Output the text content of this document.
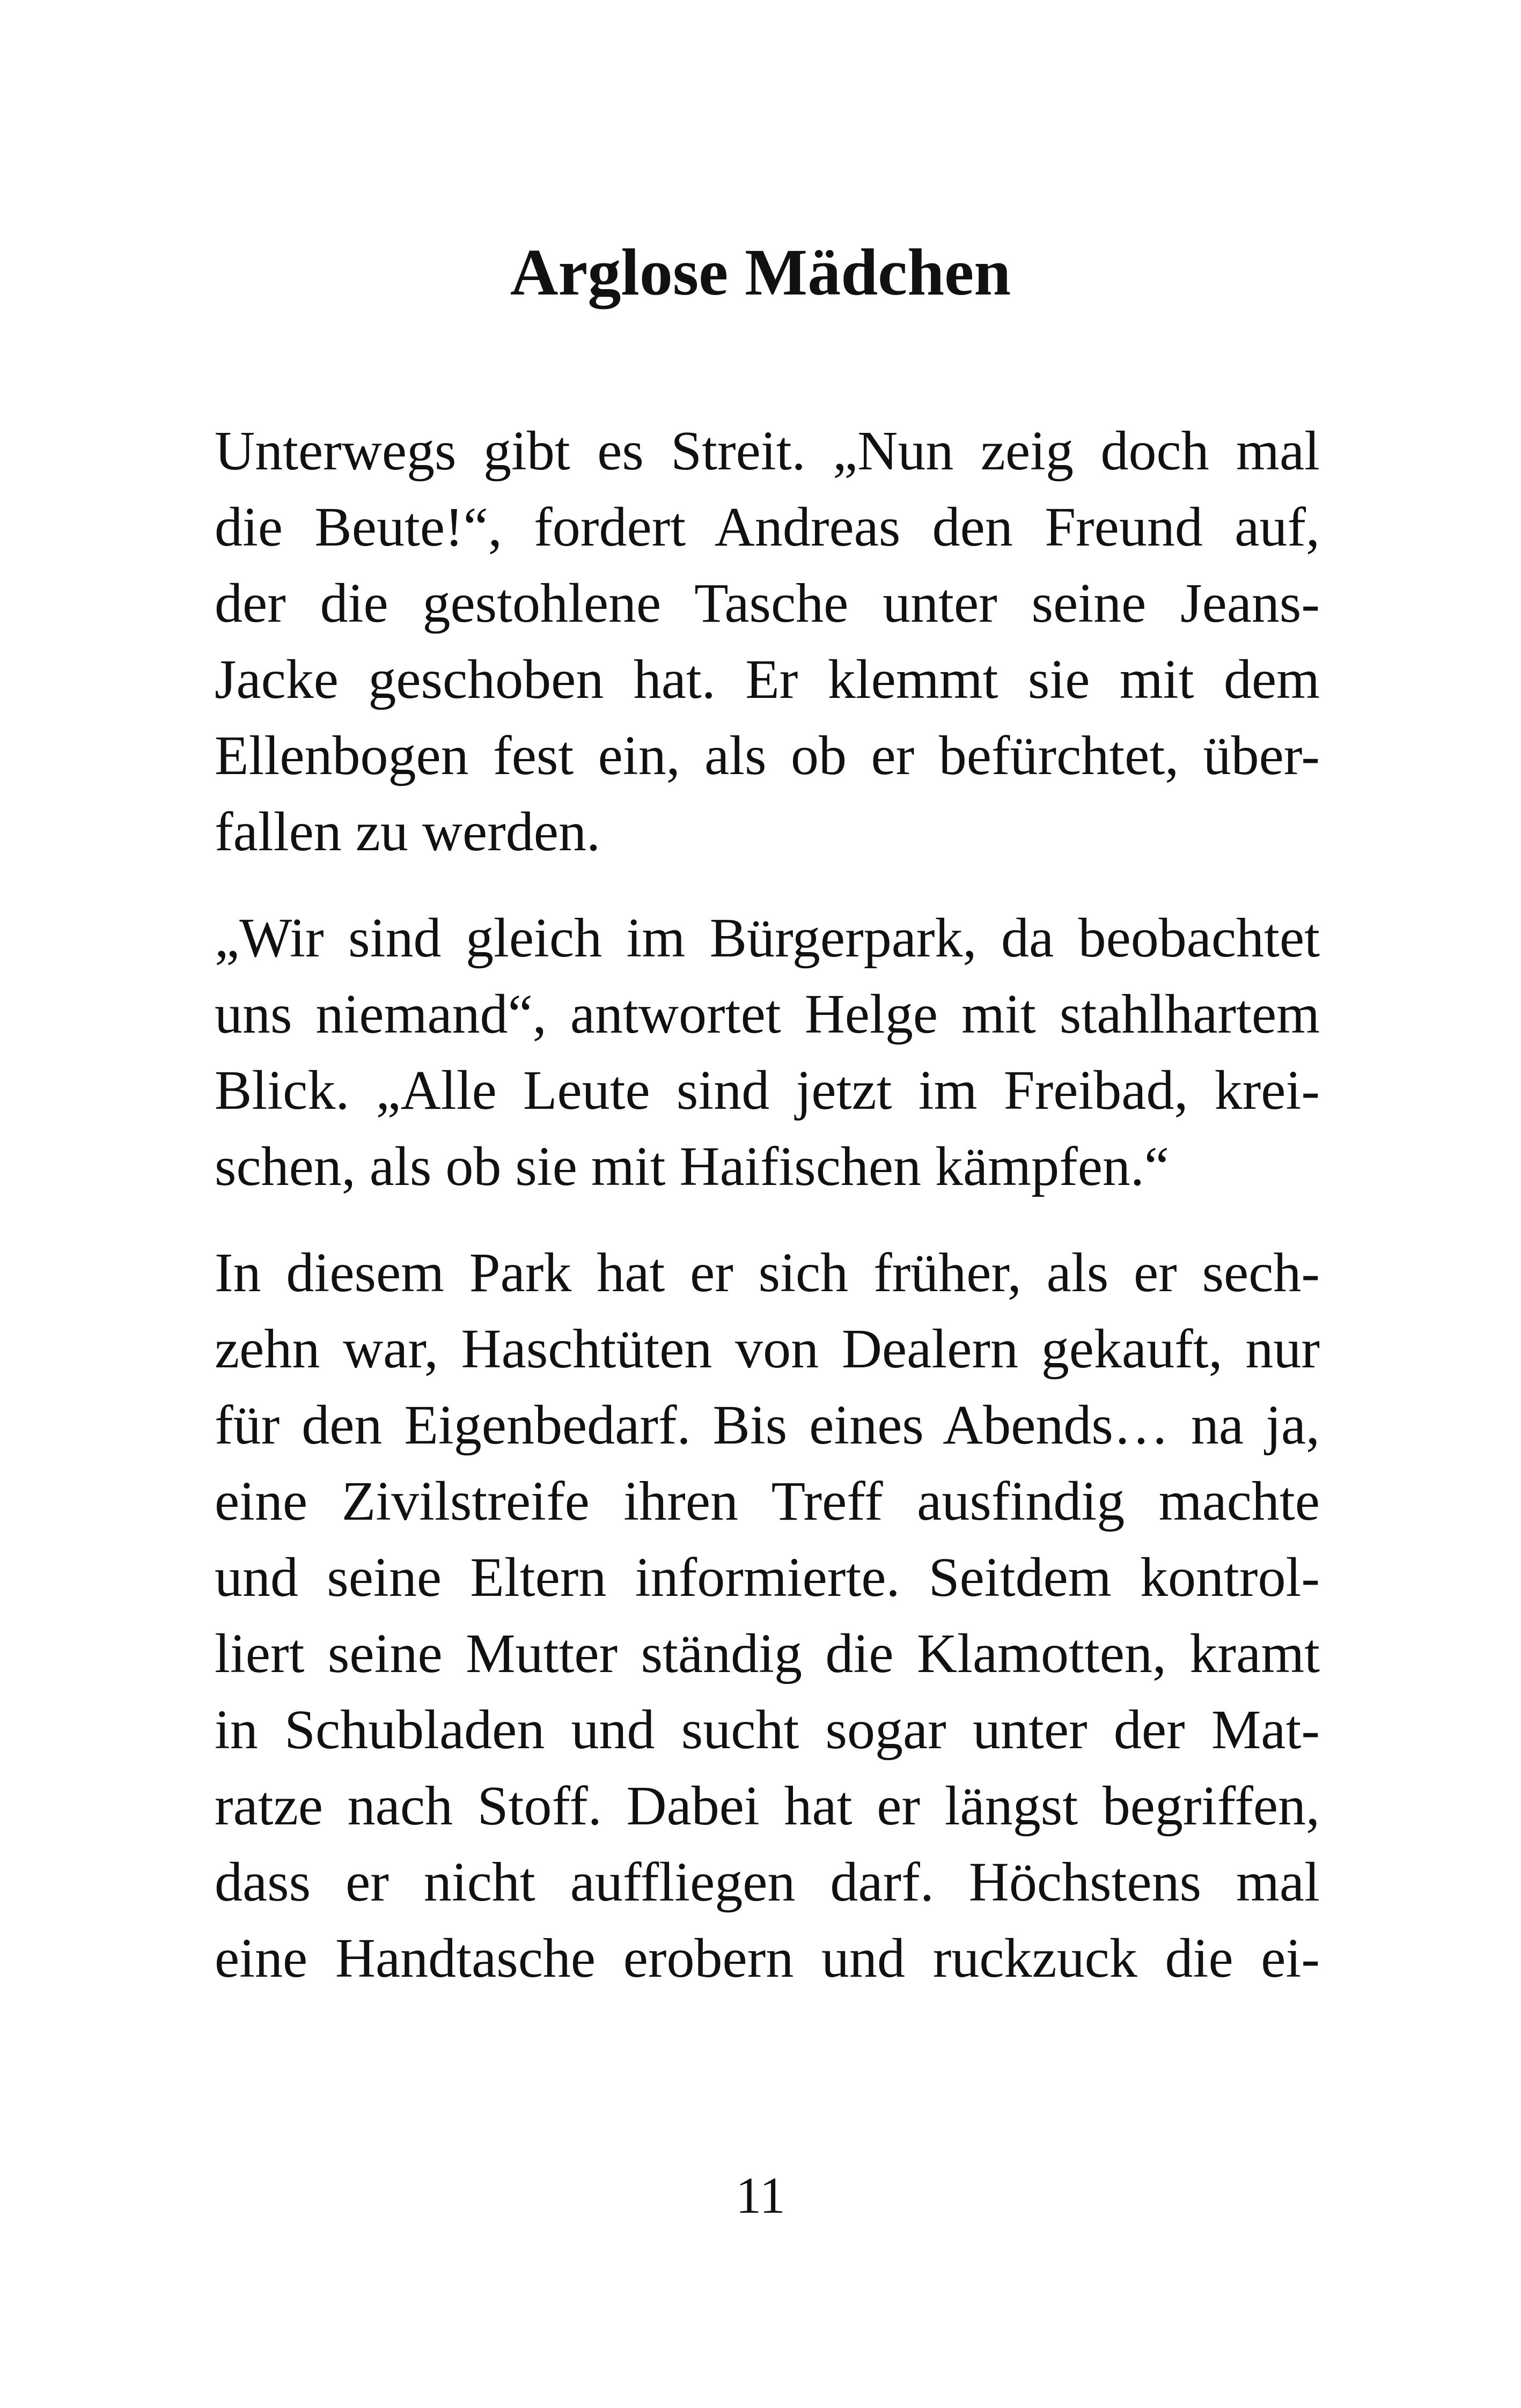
Arglose Mädchen

Unterwegs gibt es Streit. „Nun zeig doch mal
die Beute!“, fordert Andreas den Freund auf,
der die gestohlene Tasche unter seine Jeans-
Jacke geschoben hat. Er klemmt sie mit dem
Ellenbogen fest ein, als ob er befürchtet, über-
fallen zu werden.

„Wir sind gleich im Bürgerpark, da beobachtet
uns niemand“, antwortet Helge mit stahlhartem
Blick. „Alle Leute sind jetzt im Freibad, krei-
schen, als ob sie mit Haifischen kämpfen.“

In diesem Park hat er sich früher, als er sech-
zehn war, Haschtüten von Dealern gekauft, nur
für den Eigenbedarf. Bis eines Abends… na ja,
eine Zivilstreife ihren Treff ausfindig machte
und seine Eltern informierte. Seitdem kontrol-
liert seine Mutter ständig die Klamotten, kramt
in Schubladen und sucht sogar unter der Mat-
ratze nach Stoff. Dabei hat er längst begriffen,
dass er nicht auffliegen darf. Höchstens mal
eine Handtasche erobern und ruckzuck die ei-

11
